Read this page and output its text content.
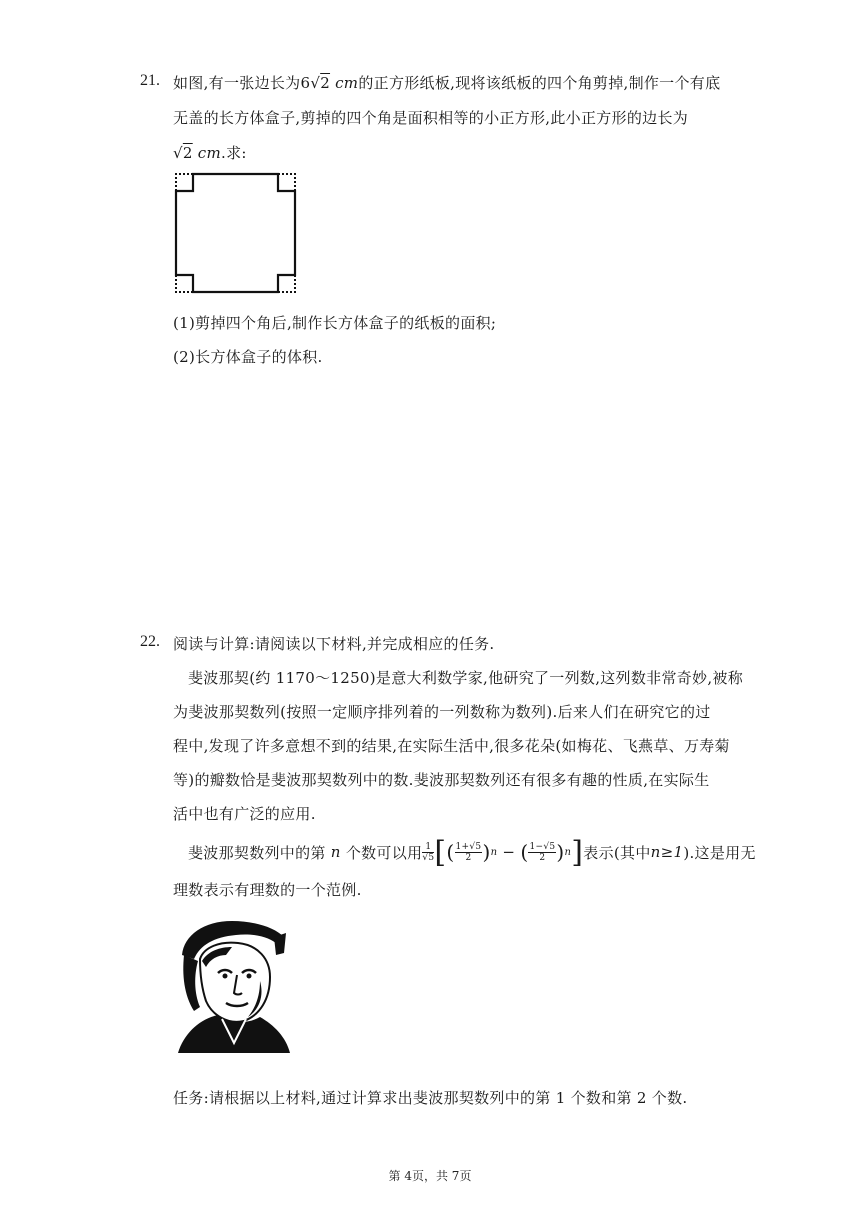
21. 如图,有一张边长为6√2 cm的正方形纸板,现将该纸板的四个角剪掉,制作一个有底
无盖的长方体盒子,剪掉的四个角是面积相等的小正方形,此小正方形的边长为
√2 cm.求:
(1)剪掉四个角后,制作长方体盒子的纸板的面积;
(2)长方体盒子的体积.
22. 阅读与计算:请阅读以下材料,并完成相应的任务.
斐波那契(约 1170～1250)是意大利数学家,他研究了一列数,这列数非常奇妙,被称
为斐波那契数列(按照一定顺序排列着的一列数称为数列).后来人们在研究它的过
程中,发现了许多意想不到的结果,在实际生活中,很多花朵(如梅花、飞燕草、万寿菊
等)的瓣数恰是斐波那契数列中的数.斐波那契数列还有很多有趣的性质,在实际生
活中也有广泛的应用.
斐波那契数列中的第
n
个数可以用 $\frac{1}{√5}$ [ ( $\frac{1+√5}{2}$ ) n
−
( $\frac{1-√5}{2}$ ) n ] 表示(其中 n≥1 ).这是用无
理数表示有理数的一个范例.
任务:请根据以上材料,通过计算求出斐波那契数列中的第 1 个数和第 2 个数.
第 4页，共 7页
